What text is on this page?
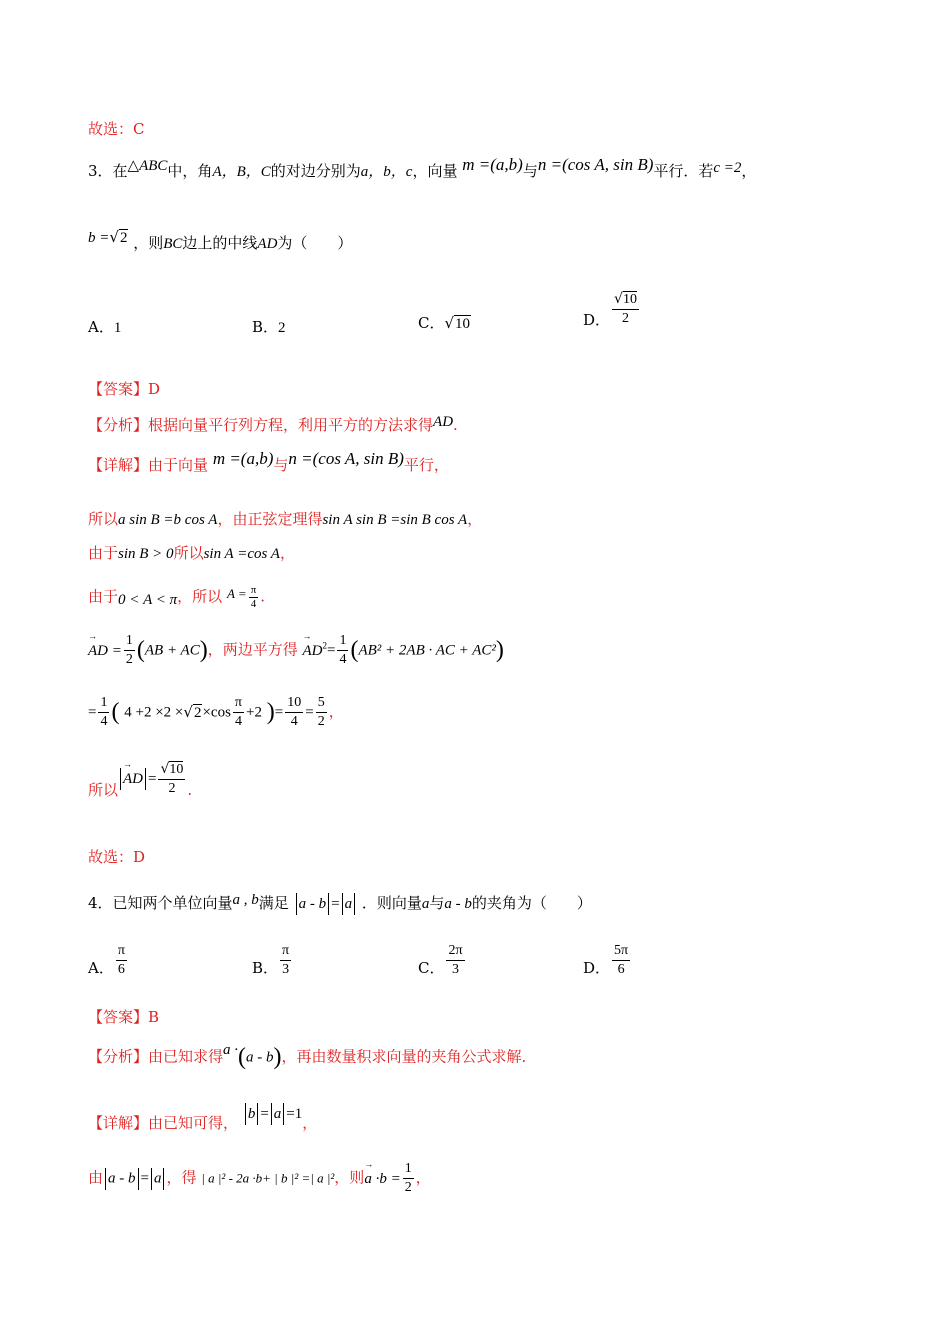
故选：C
3．在△ABC中，角A，B，C的对边分别为a，b，c，向量 m =(a,b)与n =(cos A, sin B)平行．若c =2，
b =√2 ，则BC边上的中线AD为（　　）
A．1	B．2	C．√10	D． $\frac{√10}{2}$
【答案】D
【分析】根据向量平行列方程，利用平方的方法求得AD.
【详解】由于向量 m =(a,b)与n =(cos A, sin B)平行，
所以a sin B =b cos A，由正弦定理得sin A sin B =sin B cos A，
由于sin B > 0所以sin A =cos A，
由于0 < A < π，所以 $A = \frac{\pi}{4}$ .
→ AD = $\frac{1}{2} (AB + AC)$，两边平方得 → $AD^2= \frac{1}{4} (AB^2 + 2AB$ · AC + AC²)
= $\frac{1}{4}$ ( $4 +2 \times 2 \times√2\times\cos \frac{\pi}{4} +2$ )= $\frac{10}{4} = \frac{5}{2}$ ，
所以→ AD = $\frac{√10}{2}$ .
故选：D
4．已知两个单位向量a , b满足 a - b = a ．则向量a与a - b的夹角为（　　）
A． $\frac{\pi}{6}$	B． $\frac{\pi}{3}$	C． $\frac{2\pi}{3}$	D． $\frac{5\pi}{6}$
【答案】B
【分析】由已知求得a ·(a - b)，再由数量积求向量的夹角公式求解．
【详解】由已知可得， b = a =1，
由 a - b = a ，得 | a |² - 2a ·b+ | b |² =| a |²，则→ $a \cdot b = \frac{1}{2}$ ，
